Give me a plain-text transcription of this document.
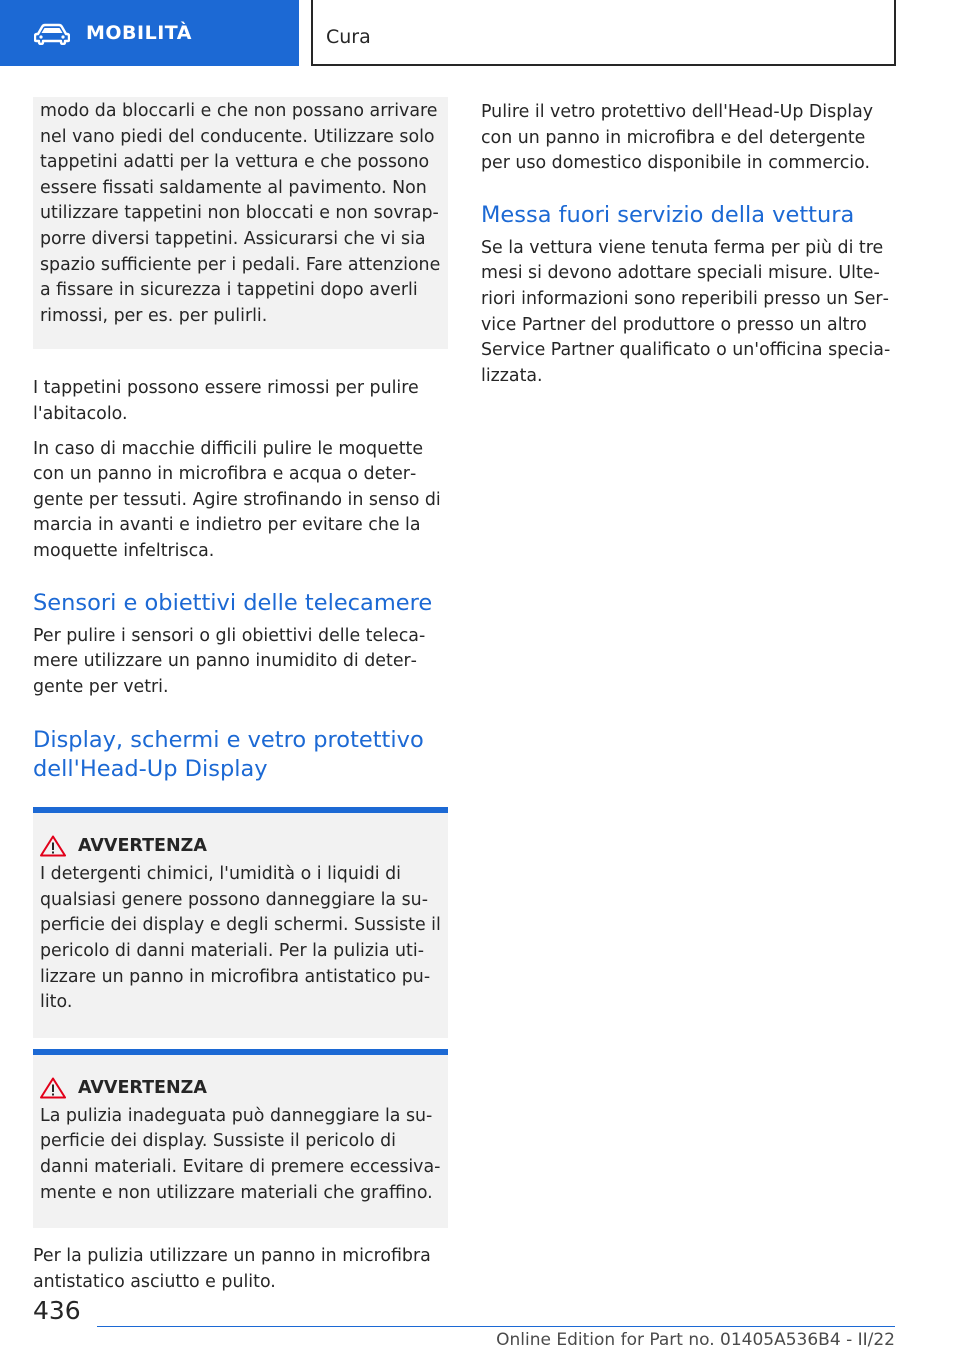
MOBILITÀ	Cura

modo da bloccarli e che non possano arrivare nel vano piedi del conducente. Utilizzare solo tappetini adatti per la vettura e che possono essere fissati saldamente al pavimento. Non utilizzare tappetini non bloccati e non sovrapporre diversi tappetini. Assicurarsi che vi sia spazio sufficiente per i pedali. Fare attenzione a fissare in sicurezza i tappetini dopo averli rimossi, per es. per pulirli.

I tappetini possono essere rimossi per pulire l'abitacolo.

In caso di macchie difficili pulire le moquette con un panno in microfibra e acqua o detergente per tessuti. Agire strofinando in senso di marcia in avanti e indietro per evitare che la moquette infeltrisca.

Sensori e obiettivi delle telecamere

Per pulire i sensori o gli obiettivi delle telecamere utilizzare un panno inumidito di detergente per vetri.

Display, schermi e vetro protettivo dell'Head-Up Display
AVVERTENZA

I detergenti chimici, l'umidità o i liquidi di qualsiasi genere possono danneggiare la superficie dei display e degli schermi. Sussiste il pericolo di danni materiali. Per la pulizia utilizzare un panno in microfibra antistatico pulito.

AVVERTENZA

La pulizia inadeguata può danneggiare la superficie dei display. Sussiste il pericolo di danni materiali. Evitare di premere eccessivamente e non utilizzare materiali che graffino.

Per la pulizia utilizzare un panno in microfibra antistatico asciutto e pulito.

Pulire il vetro protettivo dell'Head-Up Display con un panno in microfibra e del detergente per uso domestico disponibile in commercio.

Messa fuori servizio della vettura

Se la vettura viene tenuta ferma per più di tre mesi si devono adottare speciali misure. Ulteriori informazioni sono reperibili presso un Service Partner del produttore o presso un altro Service Partner qualificato o un'officina specializzata.

436
Online Edition for Part no. 01405A536B4 - II/22
